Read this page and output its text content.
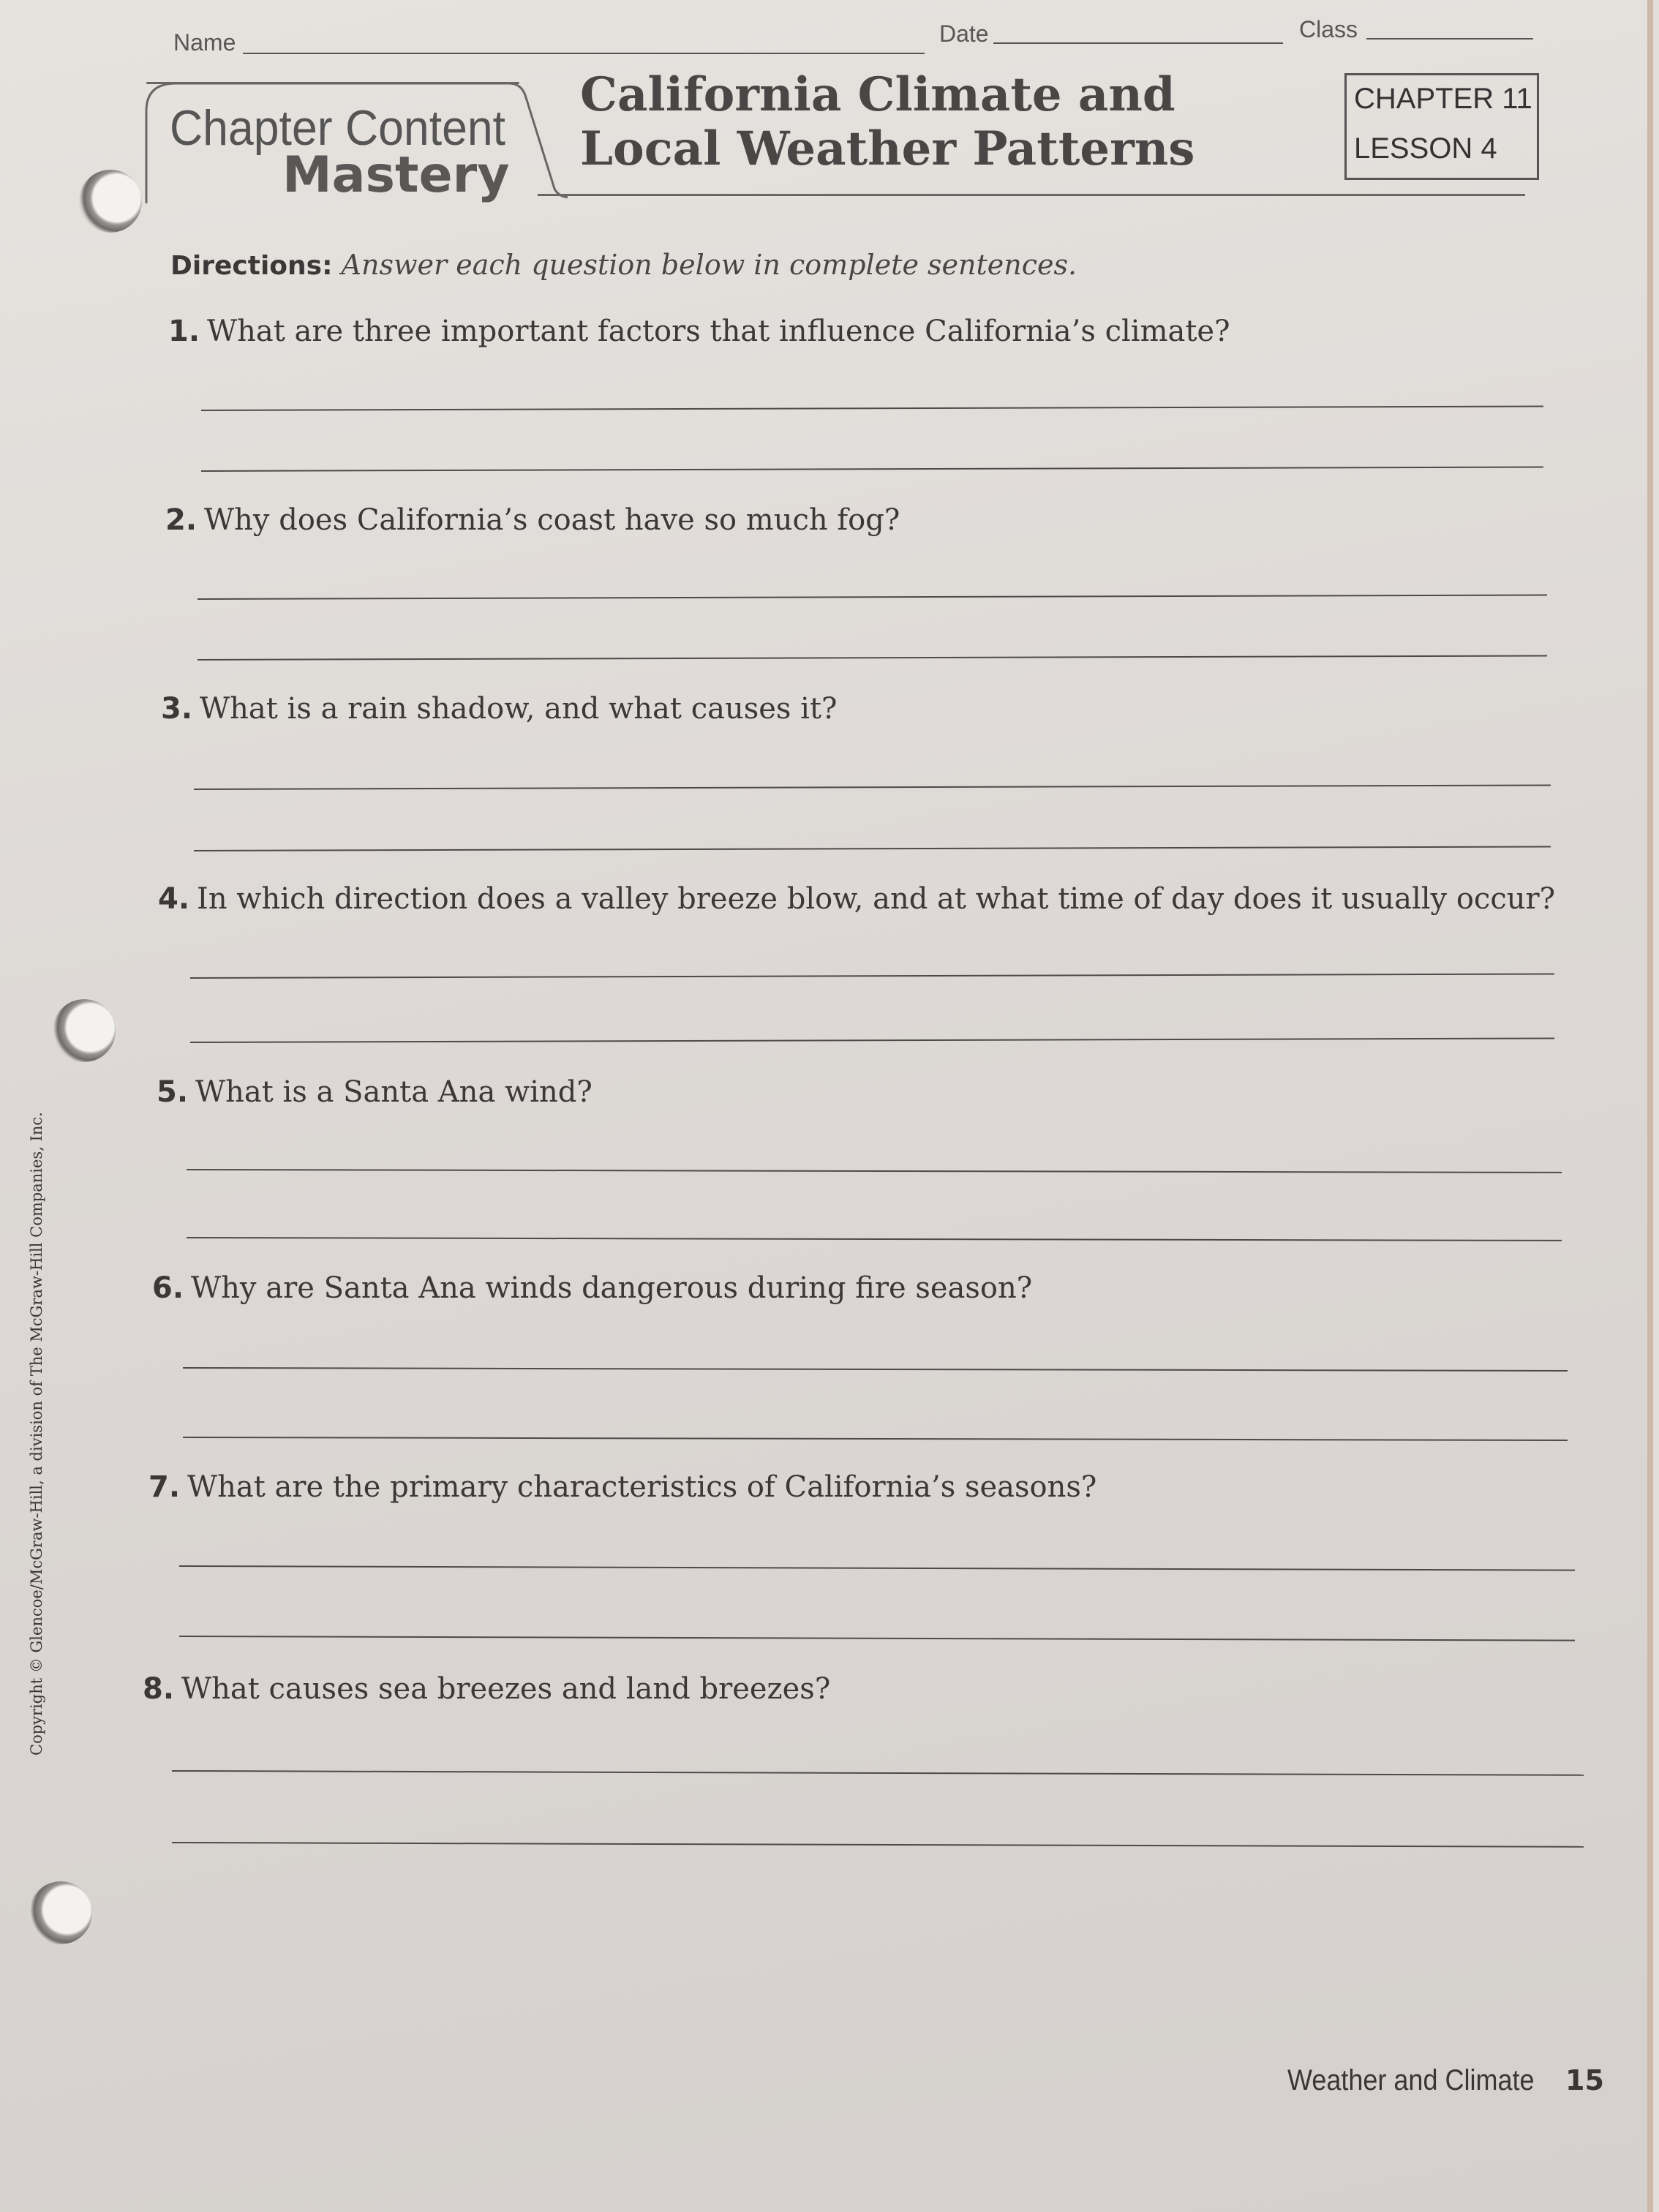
Name	Date	Class
Chapter Content
Mastery
California Climate and
Local Weather Patterns
CHAPTER 11
LESSON 4
Directions: Answer each question below in complete sentences.
1. What are three important factors that influence California’s climate?
2. Why does California’s coast have so much fog?
3. What is a rain shadow, and what causes it?
4. In which direction does a valley breeze blow, and at what time of day does it usually occur?
5. What is a Santa Ana wind?
6. Why are Santa Ana winds dangerous during fire season?
7. What are the primary characteristics of California’s seasons?
8. What causes sea breezes and land breezes?
Copyright © Glencoe/McGraw-Hill, a division of The McGraw-Hill Companies, Inc.
Weather and Climate 15
